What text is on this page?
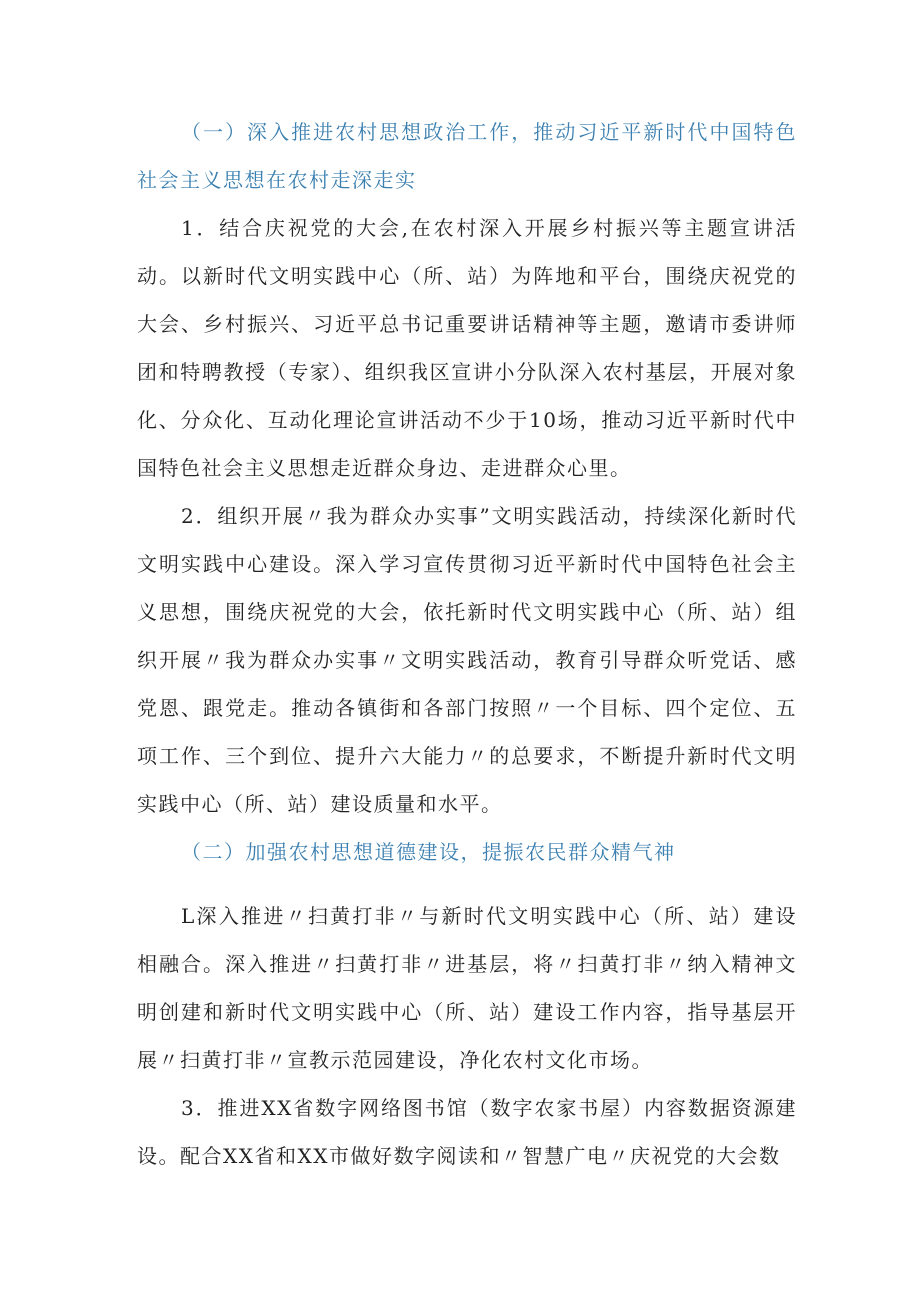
（一）深入推进农村思想政治工作，推动习近平新时代中国特色社会主义思想在农村走深走实

1．结合庆祝党的大会,在农村深入开展乡村振兴等主题宣讲活动。以新时代文明实践中心（所、站）为阵地和平台，围绕庆祝党的大会、乡村振兴、习近平总书记重要讲话精神等主题，邀请市委讲师团和特聘教授（专家）、组织我区宣讲小分队深入农村基层，开展对象化、分众化、互动化理论宣讲活动不少于10场，推动习近平新时代中国特色社会主义思想走近群众身边、走进群众心里。

2．组织开展〃我为群众办实事”文明实践活动，持续深化新时代文明实践中心建设。深入学习宣传贯彻习近平新时代中国特色社会主义思想，围绕庆祝党的大会，依托新时代文明实践中心（所、站）组织开展〃我为群众办实事〃文明实践活动，教育引导群众听党话、感党恩、跟党走。推动各镇街和各部门按照〃一个目标、四个定位、五项工作、三个到位、提升六大能力〃的总要求，不断提升新时代文明实践中心（所、站）建设质量和水平。

（二）加强农村思想道德建设，提振农民群众精气神

L深入推进〃扫黄打非〃与新时代文明实践中心（所、站）建设相融合。深入推进〃扫黄打非〃进基层，将〃扫黄打非〃纳入精神文明创建和新时代文明实践中心（所、站）建设工作内容，指导基层开展〃扫黄打非〃宣教示范园建设，净化农村文化市场。

3．推进XX省数字网络图书馆（数字农家书屋）内容数据资源建设。配合XX省和XX市做好数字阅读和〃智慧广电〃庆祝党的大会数
